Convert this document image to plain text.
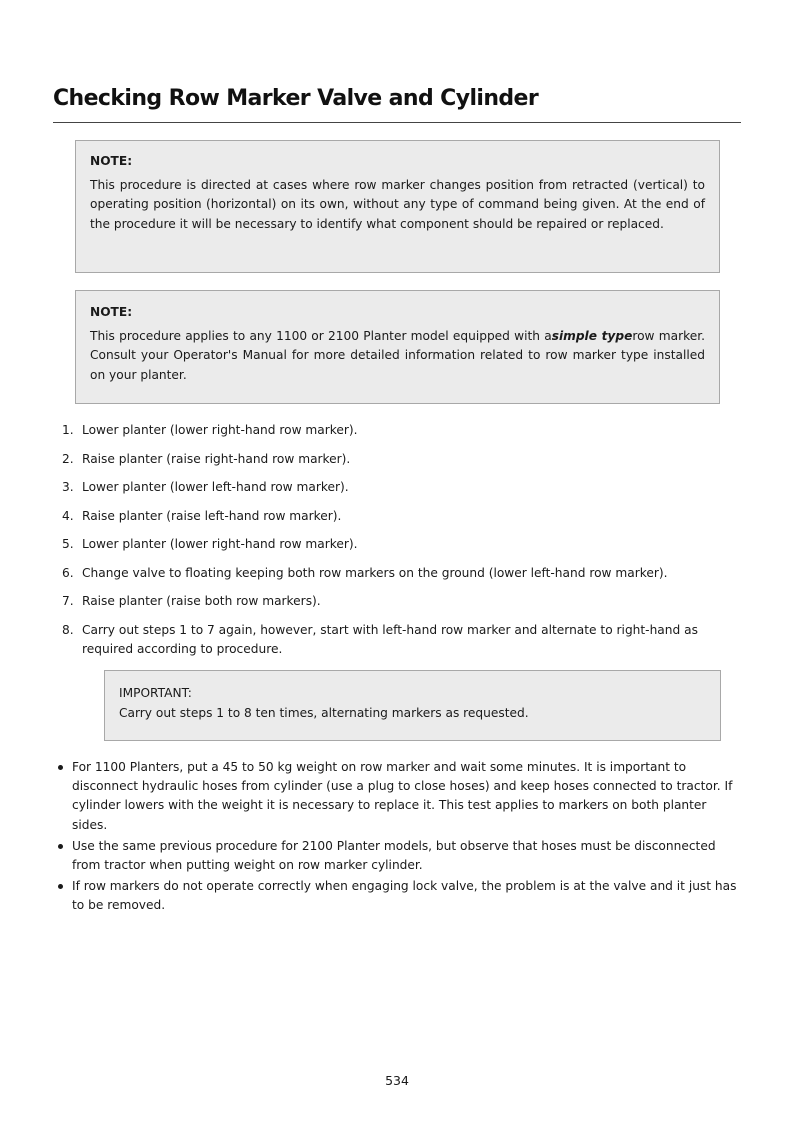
Checking Row Marker Valve and Cylinder
NOTE:
This procedure is directed at cases where row marker changes position from retracted (vertical) to operating position (horizontal) on its own, without any type of command being given. At the end of the procedure it will be necessary to identify what component should be repaired or replaced.
NOTE:
This procedure applies to any 1100 or 2100 Planter model equipped with asimple typerow marker. Consult your Operator's Manual for more detailed information related to row marker type installed on your planter.
1. Lower planter (lower right-hand row marker).
2. Raise planter (raise right-hand row marker).
3. Lower planter (lower left-hand row marker).
4. Raise planter (raise left-hand row marker).
5. Lower planter (lower right-hand row marker).
6. Change valve to floating keeping both row markers on the ground (lower left-hand row marker).
7. Raise planter (raise both row markers).
8. Carry out steps 1 to 7 again, however, start with left-hand row marker and alternate to right-hand as required according to procedure.
IMPORTANT:
Carry out steps 1 to 8 ten times, alternating markers as requested.
For 1100 Planters, put a 45 to 50 kg weight on row marker and wait some minutes. It is important to disconnect hydraulic hoses from cylinder (use a plug to close hoses) and keep hoses connected to tractor. If cylinder lowers with the weight it is necessary to replace it. This test applies to markers on both planter sides.
Use the same previous procedure for 2100 Planter models, but observe that hoses must be disconnected from tractor when putting weight on row marker cylinder.
If row markers do not operate correctly when engaging lock valve, the problem is at the valve and it just has to be removed.
534
